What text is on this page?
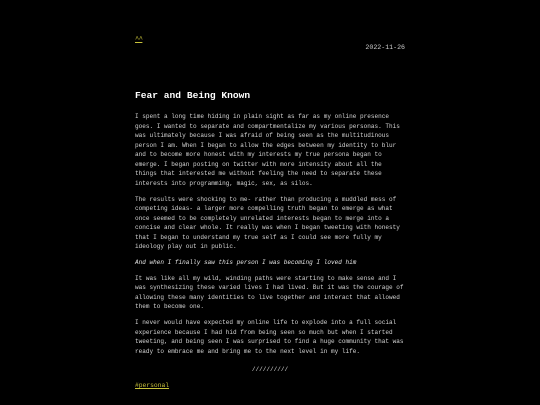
^^
2022-11-26
Fear and Being Known

I spent a long time hiding in plain sight as far as my online presence goes. I wanted to separate and compartmentalize my various personas. This was ultimately because I was afraid of being seen as the multitudinous person I am. When I began to allow the edges between my identity to blur and to become more honest with my interests my true persona began to emerge. I began posting on twitter with more intensity about all the things that interested me without feeling the need to separate these interests into programming, magic, sex, as silos.

The results were shocking to me- rather than producing a muddled mess of competing ideas- a larger more compelling truth began to emerge as what once seemed to be completely unrelated interests began to merge into a concise and clear whole. It really was when I began tweeting with honesty that I began to understand my true self as I could see more fully my ideology play out in public.

And when I finally saw this person I was becoming I loved him

It was like all my wild, winding paths were starting to make sense and I was synthesizing these varied lives I had lived. But it was the courage of allowing these many identities to live together and interact that allowed them to become one.

I never would have expected my online life to explode into a full social experience because I had hid from being seen so much but when I started tweeting, and being seen I was surprised to find a huge community that was ready to embrace me and bring me to the next level in my life.

//////////
#personal
